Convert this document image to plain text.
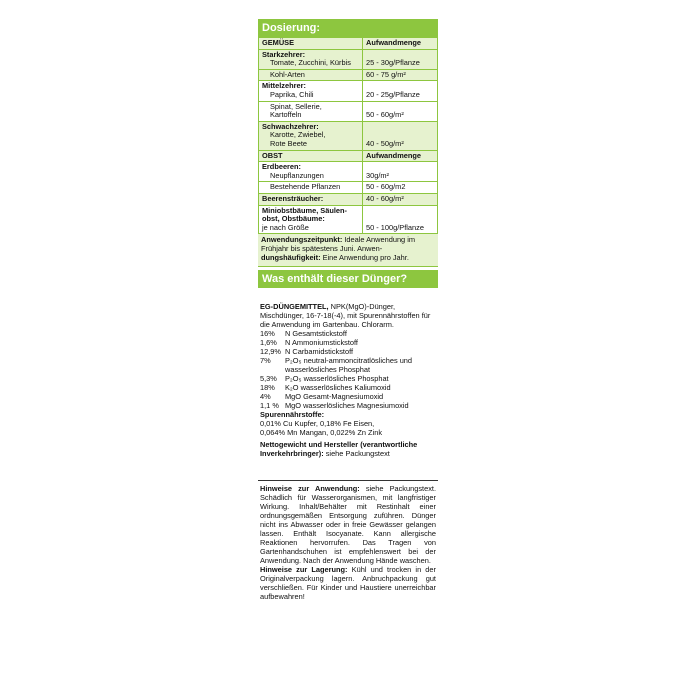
Dosierung:
GEMÜSE	Aufwandmenge
Starkzehrer:
Tomate, Zucchini, Kürbis	25 - 30g/Pflanze

Kohl-Arten	60 - 75 g/m²
Mittelzehrer:
Paprika, Chili	20 - 25g/Pflanze

Spinat, Sellerie,
Kartoffeln	50 - 60g/m²
Schwachzehrer:
Karotte, Zwiebel,
Rote Beete	40 - 50g/m²
OBST	Aufwandmenge
Erdbeeren:
Neupflanzungen	30g/m²

Bestehende Pflanzen	50 - 60g/m2
Beerensträucher:	40 - 60g/m²

Miniobstbäume, Säulen-
obst, Obstbäume:
je nach Größe	50 - 100g/Pflanze
Anwendungszeitpunkt: Ideale Anwendung im Frühjahr bis spätestens Juni. Anwen-dungshäufigkeit: Eine Anwendung pro Jahr.
Was enthält dieser Dünger?
EG-DÜNGEMITTEL, NPK(MgO)-Dünger, Mischdünger, 16-7-18(-4), mit Spurennährstoffen für die Anwendung im Gartenbau. Chlorarm.
16%	N Gesamtstickstoff
1,6%	N Ammoniumstickstoff
12,9% N Carbamidstickstoff
7%	P₂O₅ neutral-ammoncitratlösliches und wasserlösliches Phosphat
5,3%	P₂O₅ wasserlösliches Phosphat
18%	K₂O wasserlösliches Kaliumoxid
4%	MgO Gesamt-Magnesiumoxid
1,1 % MgO wasserlösliches Magnesiumoxid
Spurennährstoffe:
0,01% Cu Kupfer, 0,18% Fe Eisen,
0,064% Mn Mangan, 0,022% Zn Zink
Nettogewicht und Hersteller (verantwortliche Inverkehrbringer): siehe Packungstext
Hinweise zur Anwendung: siehe Packungstext. Schädlich für Wasserorganismen, mit langfristiger Wirkung. Inhalt/Behälter mit Restinhalt einer ordnungsgemäßen Entsorgung zuführen. Dünger nicht ins Abwasser oder in freie Gewässer gelangen lassen. Enthält Isocyanate. Kann allergische Reaktionen hervorrufen. Das Tragen von Gartenhandschuhen ist empfehlenswert bei der Anwendung. Nach der Anwendung Hände waschen.
Hinweise zur Lagerung: Kühl und trocken in der Originalverpackung lagern. Anbruchpackung gut verschließen. Für Kinder und Haustiere unerreichbar aufbewahren!
